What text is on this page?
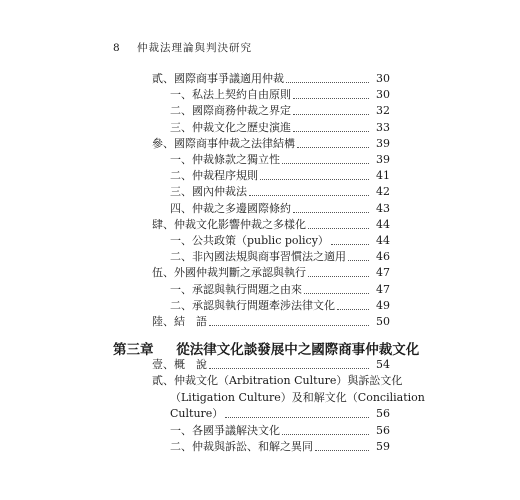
8 仲裁法理論與判決研究
貳、國際商事爭議適用仲裁	30
一、私法上契約自由原則	30
二、國際商務仲裁之界定	32
三、仲裁文化之歷史演進	33
參、國際商事仲裁之法律結構	39
一、仲裁條款之獨立性	39
二、仲裁程序規則	41
三、國內仲裁法	42
四、仲裁之多邊國際條約	43
肆、仲裁文化影響仲裁之多樣化	44
一、公共政策（public policy）	44
二、非內國法規與商事習慣法之適用	46
伍、外國仲裁判斷之承認與執行	47
一、承認與執行問題之由來	47
二、承認與執行問題牽涉法律文化	49
陸、結　語	50
壹、概　說	54
貳、仲裁文化（Arbitration Culture）與訴訟文化
（Litigation Culture）及和解文化（Conciliation
Culture）	56
一、各國爭議解決文化	56
二、仲裁與訴訟、和解之異同	59
第三章 從法律文化談發展中之國際商事仲裁文化
